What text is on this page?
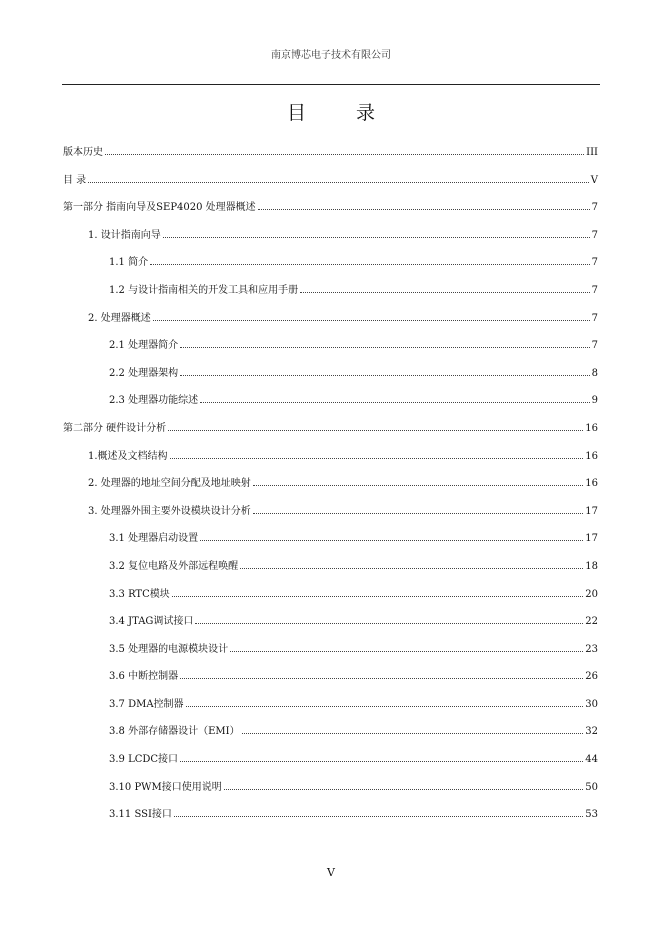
南京博芯电子技术有限公司
目 录
版本历史	III
目 录	V
第一部分 指南向导及SEP4020 处理器概述	7
1. 设计指南向导	7
1.1 简介	7
1.2 与设计指南相关的开发工具和应用手册	7
2. 处理器概述	7
2.1 处理器简介	7
2.2 处理器架构	8
2.3 处理器功能综述	9
第二部分 硬件设计分析	16
1.概述及文档结构	16
2. 处理器的地址空间分配及地址映射	16
3. 处理器外围主要外设模块设计分析	17
3.1 处理器启动设置	17
3.2 复位电路及外部远程唤醒	18
3.3 RTC模块	20
3.4 JTAG调试接口	22
3.5 处理器的电源模块设计	23
3.6 中断控制器	26
3.7 DMA控制器	30
3.8 外部存储器设计（EMI）	32
3.9 LCDC接口	44
3.10 PWM接口使用说明	50
3.11 SSI接口	53
V
